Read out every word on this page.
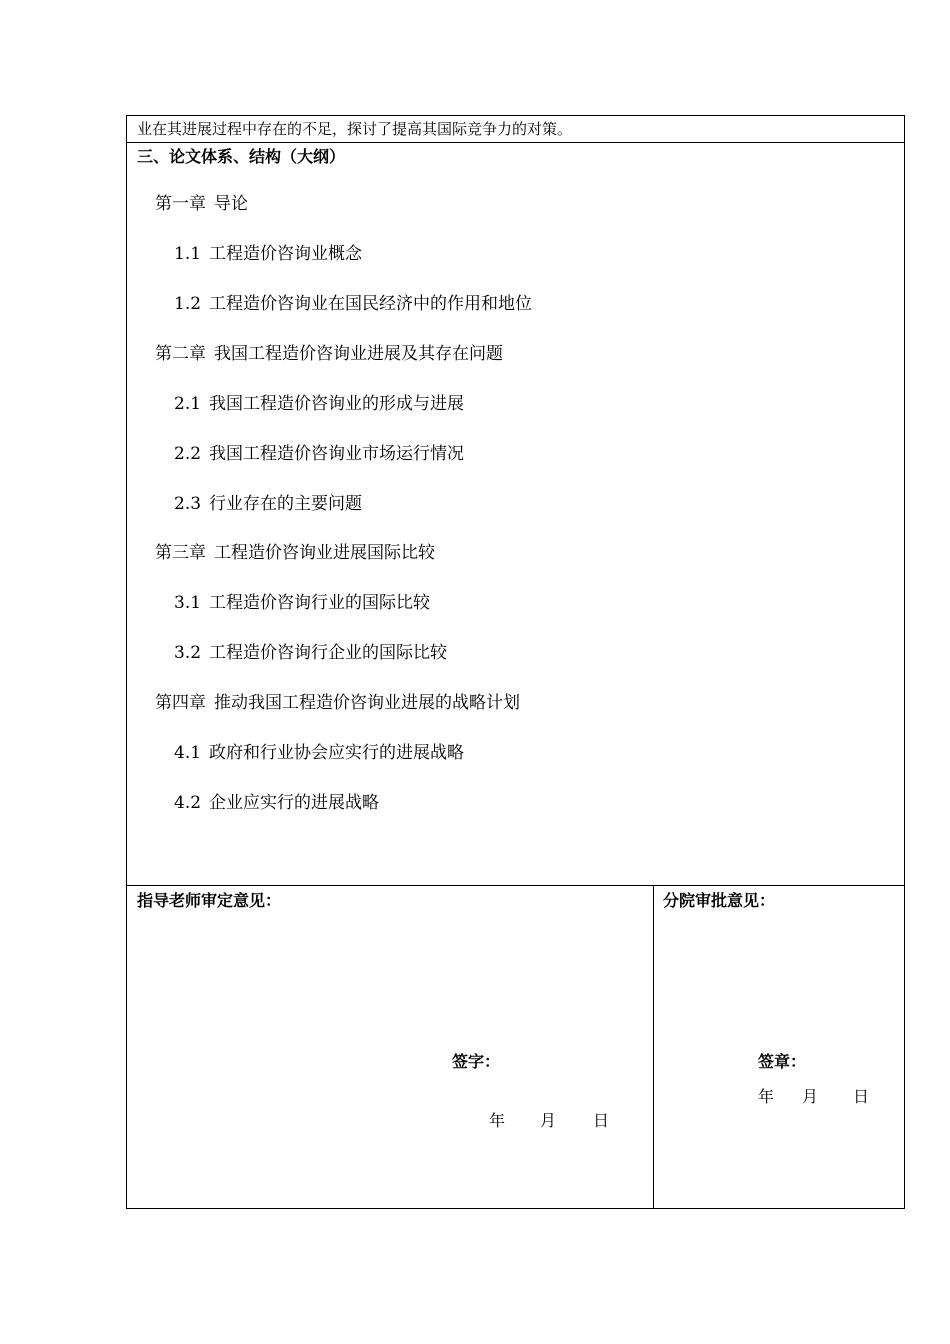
业在其进展过程中存在的不足，探讨了提高其国际竞争力的对策。
三、论文体系、结构（大纲）
第一章 导论
1.1 工程造价咨询业概念
1.2 工程造价咨询业在国民经济中的作用和地位
第二章 我国工程造价咨询业进展及其存在问题
2.1 我国工程造价咨询业的形成与进展
2.2 我国工程造价咨询业市场运行情况
2.3 行业存在的主要问题
第三章 工程造价咨询业进展国际比较
3.1 工程造价咨询行业的国际比较
3.2 工程造价咨询行企业的国际比较
第四章 推动我国工程造价咨询业进展的战略计划
4.1 政府和行业协会应实行的进展战略
4.2 企业应实行的进展战略
指导老师审定意见：
签字：
年 月 日
分院审批意见：
签章：
年 月 日
